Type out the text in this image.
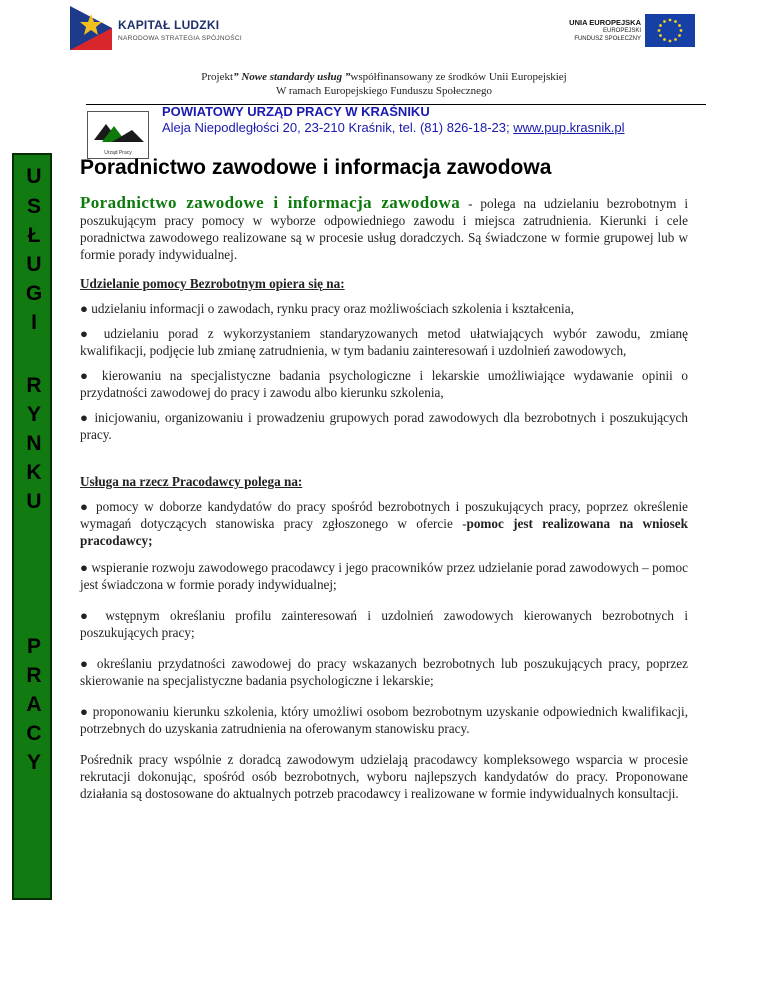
KAPITAŁ LUDZKI
NARODOWA STRATEGIA SPÓJNOŚCI
UNIA EUROPEJSKA
EUROPEJSKI
FUNDUSZ SPOŁECZNY
Projekt” Nowe standardy usług ”współfinansowany ze środków Unii Europejskiej
W ramach Europejskiego Funduszu Społecznego
Urząd Pracy
POWIATOWY URZĄD PRACY W KRAŚNIKU
Aleja Niepodległości 20, 23-210 Kraśnik, tel. (81) 826-18-23; www.pup.krasnik.pl
U
S
Ł
U
G
I
R
Y
N
K
U
P
R
A
C
Y
Poradnictwo zawodowe i informacja zawodowa

Poradnictwo zawodowe i informacja zawodowa - polega na udzielaniu bezrobotnym i poszukującym pracy pomocy w wyborze odpowiedniego zawodu i miejsca zatrudnienia. Kierunki i cele poradnictwa zawodowego realizowane są w procesie usług doradczych. Są świadczone w formie grupowej lub w formie porady indywidualnej.

Udzielanie pomocy Bezrobotnym opiera się na:

● udzielaniu informacji o zawodach, rynku pracy oraz możliwościach szkolenia i kształcenia,

● udzielaniu porad z wykorzystaniem standaryzowanych metod ułatwiających wybór zawodu, zmianę kwalifikacji, podjęcie lub zmianę zatrudnienia, w tym badaniu zainteresowań i uzdolnień zawodowych,

● kierowaniu na specjalistyczne badania psychologiczne i lekarskie umożliwiające wydawanie opinii o przydatności zawodowej do pracy i zawodu albo kierunku szkolenia,

● inicjowaniu, organizowaniu i prowadzeniu grupowych porad zawodowych dla bezrobotnych i poszukujących pracy.

Usługa na rzecz Pracodawcy polega na:

● pomocy w doborze kandydatów do pracy spośród bezrobotnych i poszukujących pracy, poprzez określenie wymagań dotyczących stanowiska pracy zgłoszonego w ofercie -pomoc jest realizowana na wniosek pracodawcy;

● wspieranie rozwoju zawodowego pracodawcy i jego pracowników przez udzielanie porad zawodowych – pomoc jest świadczona w formie porady indywidualnej;

● wstępnym określaniu profilu zainteresowań i uzdolnień zawodowych kierowanych bezrobotnych i poszukujących pracy;

● określaniu przydatności zawodowej do pracy wskazanych bezrobotnych lub poszukujących pracy, poprzez skierowanie na specjalistyczne badania psychologiczne i lekarskie;

● proponowaniu kierunku szkolenia, który umożliwi osobom bezrobotnym uzyskanie odpowiednich kwalifikacji, potrzebnych do uzyskania zatrudnienia na oferowanym stanowisku pracy.

Pośrednik pracy wspólnie z doradcą zawodowym udzielają pracodawcy kompleksowego wsparcia w procesie rekrutacji dokonując, spośród osób bezrobotnych, wyboru najlepszych kandydatów do pracy. Proponowane działania są dostosowane do aktualnych potrzeb pracodawcy i realizowane w formie indywidualnych konsultacji.
